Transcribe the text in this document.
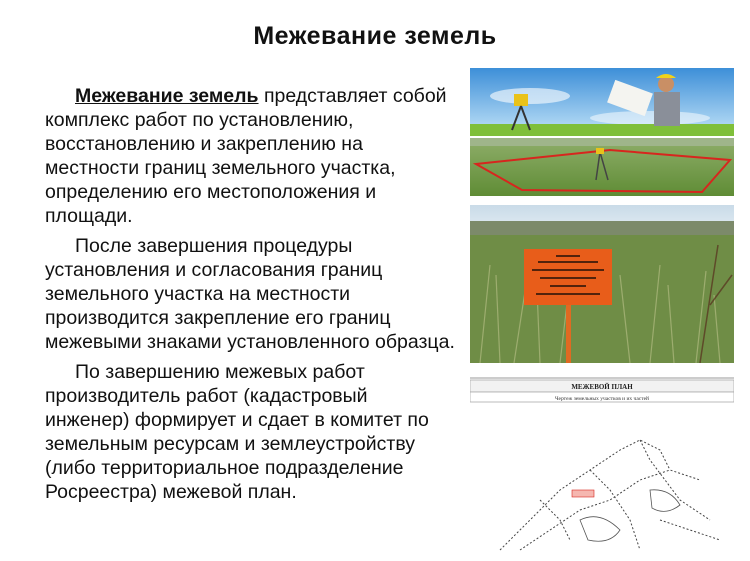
Межевание земель

Межевание земель представляет собой комплекс работ по установлению, восстановлению и закреплению на местности границ земельного участка, определению его местоположения и площади.

После завершения процедуры установления и согласования границ земельного участка на местности производится закрепление его границ межевыми знаками установленного образца.

По завершению межевых работ производитель работ (кадастровый инженер) формирует и сдает в комитет по земельным ресурсам и землеустройству (либо территориальное подразделение Росреестра) межевой план.

МЕЖЕВОЙ ПЛАН
Чертеж земельных участков и их частей
